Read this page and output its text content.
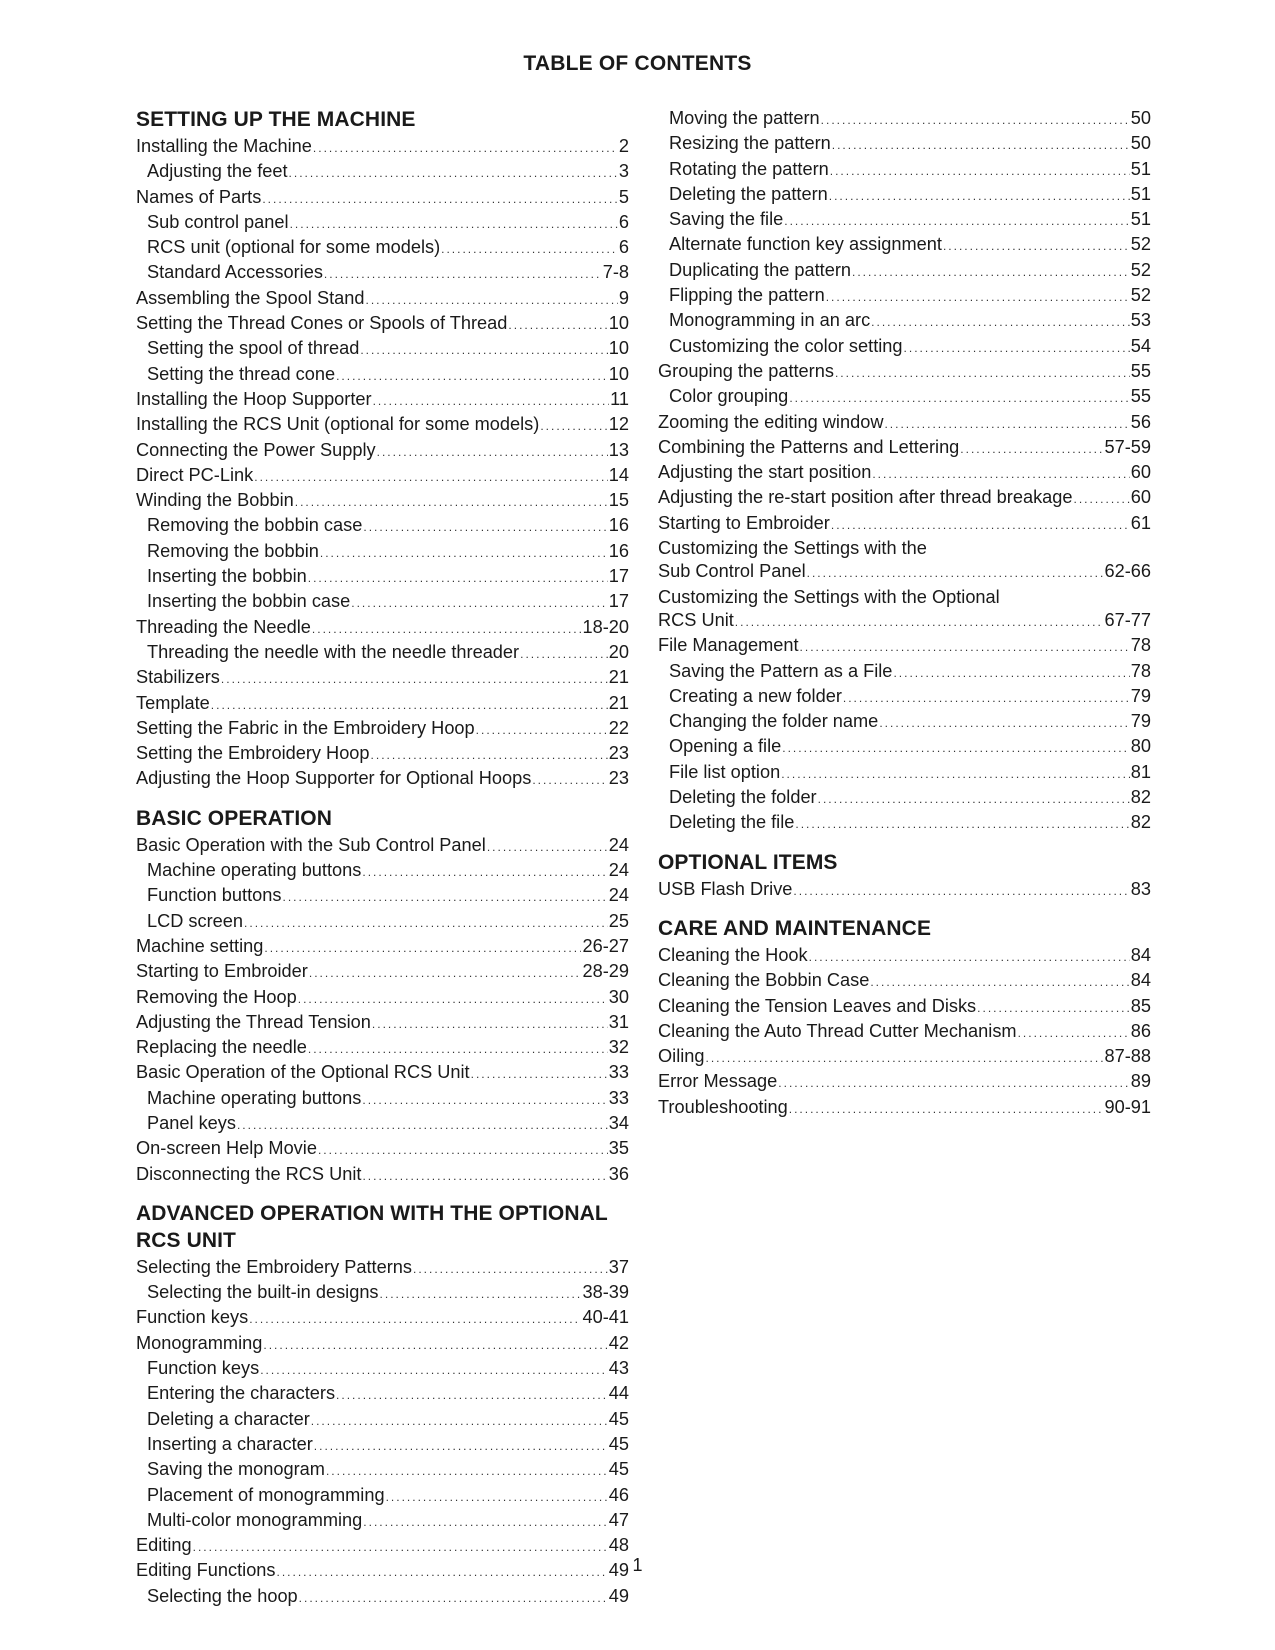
TABLE OF CONTENTS
SETTING UP THE MACHINE
Installing the Machine .....	2
Adjusting the feet .....	3
Names of Parts .....	5
Sub control panel .....	6
RCS unit (optional for some models) .....	6
Standard Accessories .....	7-8
Assembling the Spool Stand .....	9
Setting the Thread Cones or Spools of Thread .....	10
Setting the spool of thread .....	10
Setting the thread cone .....	10
Installing the Hoop Supporter .....	11
Installing the RCS Unit (optional for some models) .....	12
Connecting the Power Supply .....	13
Direct PC-Link .....	14
Winding the Bobbin .....	15
Removing the bobbin case .....	16
Removing the bobbin .....	16
Inserting the bobbin .....	17
Inserting the bobbin case .....	17
Threading the Needle .....	18-20
Threading the needle with the needle threader .....	20
Stabilizers .....	21
Template .....	21
Setting the Fabric in the Embroidery Hoop .....	22
Setting the Embroidery Hoop .....	23
Adjusting the Hoop Supporter for Optional Hoops .....	23
BASIC OPERATION
Basic Operation with the Sub Control Panel .....	24
Machine operating buttons .....	24
Function buttons .....	24
LCD screen .....	25
Machine setting .....	26-27
Starting to Embroider .....	28-29
Removing the Hoop .....	30
Adjusting the Thread Tension .....	31
Replacing the needle .....	32
Basic Operation of the Optional RCS Unit .....	33
Machine operating buttons .....	33
Panel keys .....	34
On-screen Help Movie .....	35
Disconnecting the RCS Unit .....	36
ADVANCED OPERATION WITH THE OPTIONAL
RCS UNIT
Selecting the Embroidery Patterns .....	37
Selecting the built-in designs .....	38-39
Function keys .....	40-41
Monogramming .....	42
Function keys .....	43
Entering the characters .....	44
Deleting a character .....	45
Inserting a character .....	45
Saving the monogram .....	45
Placement of monogramming .....	46
Multi-color monogramming .....	47
Editing .....	48
Editing Functions .....	49
Selecting the hoop .....	49
Moving the pattern .....	50
Resizing the pattern .....	50
Rotating the pattern .....	51
Deleting the pattern .....	51
Saving the file .....	51
Alternate function key assignment .....	52
Duplicating the pattern .....	52
Flipping the pattern .....	52
Monogramming in an arc .....	53
Customizing the color setting .....	54
Grouping the patterns .....	55
Color grouping .....	55
Zooming the editing window .....	56
Combining the Patterns and Lettering .....	57-59
Adjusting the start position .....	60
Adjusting the re-start position after thread breakage .....	60
Starting to Embroider .....	61
Customizing the Settings with the
Sub Control Panel .....	62-66
Customizing the Settings with the Optional
RCS Unit .....	67-77
File Management .....	78
Saving the Pattern as a File .....	78
Creating a new folder .....	79
Changing the folder name .....	79
Opening a file .....	80
File list option .....	81
Deleting the folder .....	82
Deleting the file .....	82
OPTIONAL ITEMS
USB Flash Drive .....	83
CARE AND MAINTENANCE
Cleaning the Hook .....	84
Cleaning the Bobbin Case .....	84
Cleaning the Tension Leaves and Disks .....	85
Cleaning the Auto Thread Cutter Mechanism .....	86
Oiling .....	87-88
Error Message .....	89
Troubleshooting .....	90-91
1
